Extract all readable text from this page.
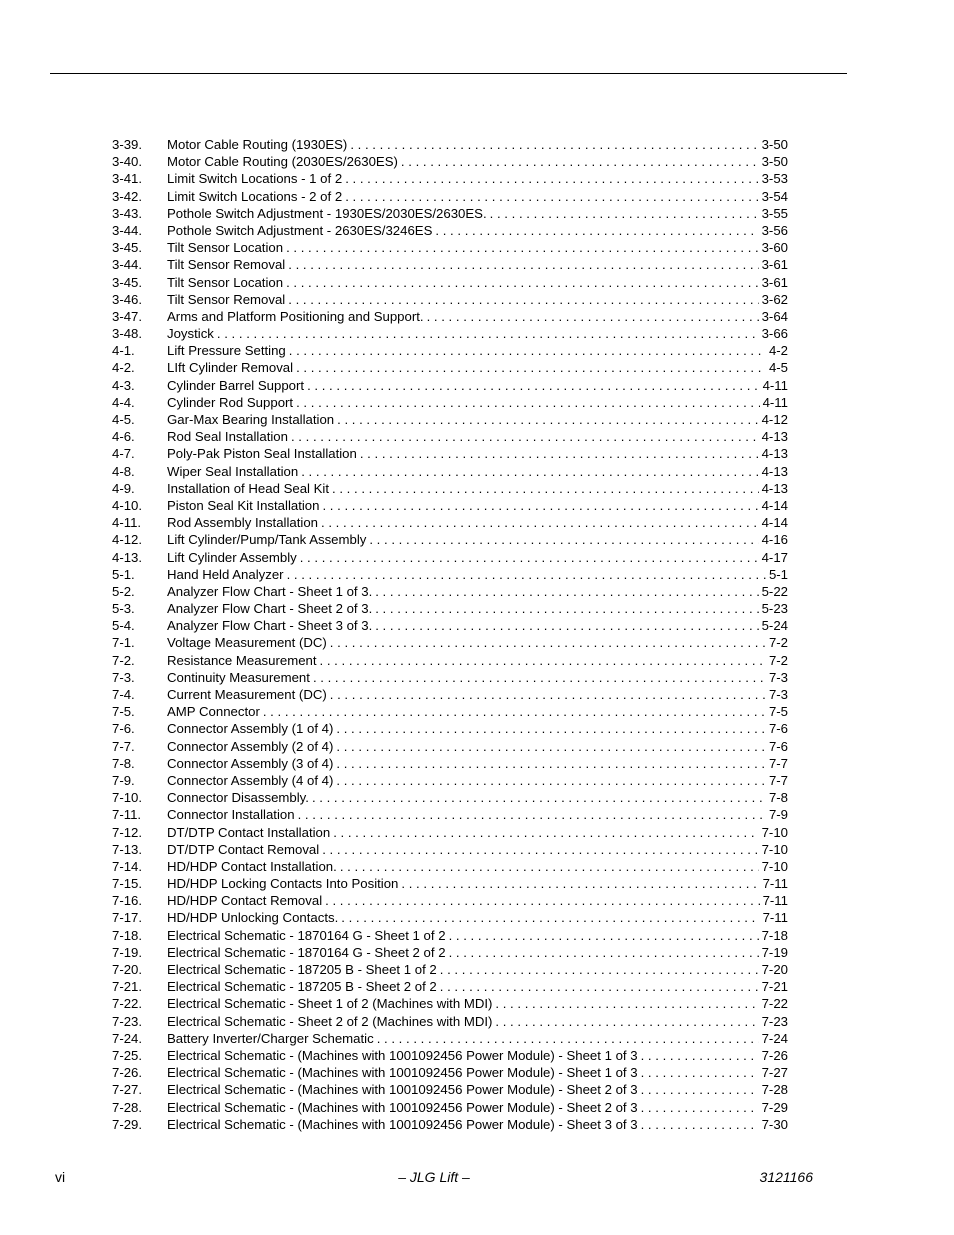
3-39.	Motor Cable Routing (1930ES) . . .	3-50
3-40.	Motor Cable Routing (2030ES/2630ES) . . .	3-50
3-41.	Limit Switch Locations - 1 of 2 . . .	3-53
3-42.	Limit Switch Locations - 2 of 2 . . .	3-54
3-43.	Pothole Switch Adjustment - 1930ES/2030ES/2630ES. . . .	3-55
3-44.	Pothole Switch Adjustment - 2630ES/3246ES . . .	3-56
3-45.	Tilt Sensor Location . . .	3-60
3-44.	Tilt Sensor Removal . . .	3-61
3-45.	Tilt Sensor Location . . .	3-61
3-46.	Tilt Sensor Removal . . .	3-62
3-47.	Arms and Platform Positioning and Support. . . .	3-64
3-48.	Joystick . . .	3-66
4-1.	Lift Pressure Setting . . .	4-2
4-2.	LIft Cylinder Removal . . .	4-5
4-3.	Cylinder Barrel Support . . .	4-11
4-4.	Cylinder Rod Support . . .	4-11
4-5.	Gar-Max Bearing Installation . . .	4-12
4-6.	Rod Seal Installation . . .	4-13
4-7.	Poly-Pak Piston Seal Installation . . .	4-13
4-8.	Wiper Seal Installation . . .	4-13
4-9.	Installation of Head Seal Kit . . .	4-13
4-10.	Piston Seal Kit Installation . . .	4-14
4-11.	Rod Assembly Installation . . .	4-14
4-12.	Lift Cylinder/Pump/Tank Assembly . . .	4-16
4-13.	Lift Cylinder Assembly . . .	4-17
5-1.	Hand Held Analyzer . . .	5-1
5-2.	Analyzer Flow Chart - Sheet 1 of 3. . . .	5-22
5-3.	Analyzer Flow Chart - Sheet 2 of 3. . . .	5-23
5-4.	Analyzer Flow Chart - Sheet 3 of 3. . . .	5-24
7-1.	Voltage Measurement (DC) . . .	7-2
7-2.	Resistance Measurement . . .	7-2
7-3.	Continuity Measurement . . .	7-3
7-4.	Current Measurement (DC) . . .	7-3
7-5.	AMP Connector . . .	7-5
7-6.	Connector Assembly (1 of 4) . . .	7-6
7-7.	Connector Assembly (2 of 4) . . .	7-6
7-8.	Connector Assembly (3 of 4) . . .	7-7
7-9.	Connector Assembly (4 of 4) . . .	7-7
7-10.	Connector Disassembly. . . .	7-8
7-11.	Connector Installation . . .	7-9
7-12.	DT/DTP Contact Installation . . .	7-10
7-13.	DT/DTP Contact Removal . . .	7-10
7-14.	HD/HDP Contact Installation. . . .	7-10
7-15.	HD/HDP Locking Contacts Into Position . . .	7-11
7-16.	HD/HDP Contact Removal . . .	7-11
7-17.	HD/HDP Unlocking Contacts. . . .	7-11
7-18.	Electrical Schematic - 1870164 G - Sheet 1 of 2 . . .	7-18
7-19.	Electrical Schematic - 1870164 G - Sheet 2 of 2 . . .	7-19
7-20.	Electrical Schematic - 187205 B - Sheet 1 of 2 . . .	7-20
7-21.	Electrical Schematic - 187205 B - Sheet 2 of 2 . . .	7-21
7-22.	Electrical Schematic - Sheet 1 of 2 (Machines with MDI) . . .	7-22
7-23.	Electrical Schematic - Sheet 2 of 2 (Machines with MDI) . . .	7-23
7-24.	Battery Inverter/Charger Schematic . . .	7-24
7-25.	Electrical Schematic - (Machines with 1001092456 Power Module) - Sheet 1 of 3 . . .	7-26
7-26.	Electrical Schematic - (Machines with 1001092456 Power Module) - Sheet 1 of 3 . . .	7-27
7-27.	Electrical Schematic - (Machines with 1001092456 Power Module) - Sheet 2 of 3 . . .	7-28
7-28.	Electrical Schematic - (Machines with 1001092456 Power Module) - Sheet 2 of 3 . . .	7-29
7-29.	Electrical Schematic - (Machines with 1001092456 Power Module) - Sheet 3 of 3 . . .	7-30
vi	– JLG Lift –	3121166
